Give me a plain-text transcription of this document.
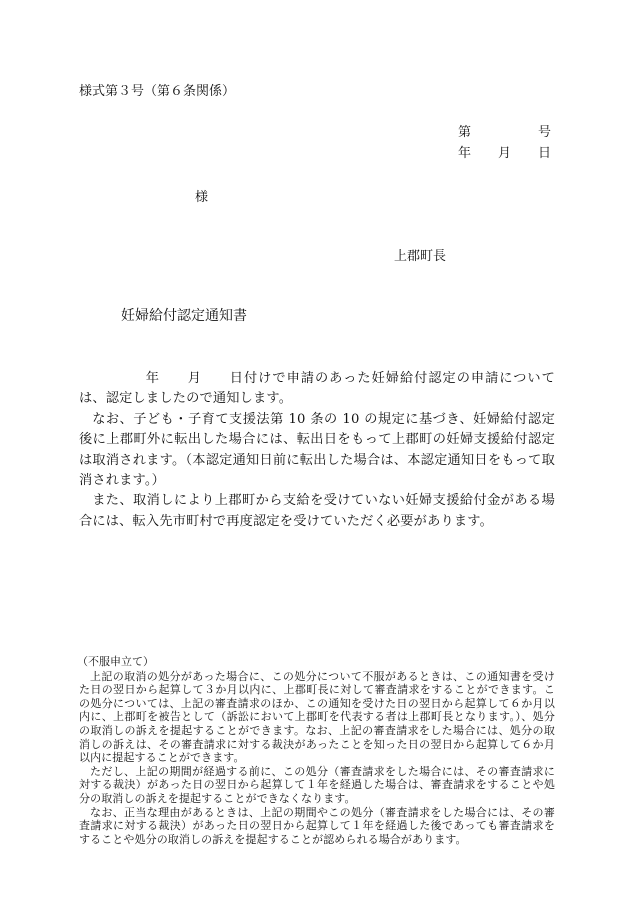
様式第３号（第６条関係）
第	号
年 月 日
様
上郡町長
妊婦給付認定通知書

年 月 日付けで申請のあった妊婦給付認定の申請については、認定しましたので通知します。

なお、子ども・子育て支援法第 10 条の 10 の規定に基づき、妊婦給付認定後に上郡町外に転出した場合には、転出日をもって上郡町の妊婦支援給付認定は取消されます。（本認定通知日前に転出した場合は、本認定通知日をもって取消されます。）

また、取消しにより上郡町から支給を受けていない妊婦支援給付金がある場合には、転入先市町村で再度認定を受けていただく必要があります。

（不服申立て）

上記の取消の処分があった場合に、この処分について不服があるときは、この通知書を受けた日の翌日から起算して３か月以内に、上郡町長に対して審査請求をすることができます。この処分については、上記の審査請求のほか、この通知を受けた日の翌日から起算して６か月以内に、上郡町を被告として（訴訟において上郡町を代表する者は上郡町長となります。）、処分の取消しの訴えを提起することができます。なお、上記の審査請求をした場合には、処分の取消しの訴えは、その審査請求に対する裁決があったことを知った日の翌日から起算して６か月以内に提起することができます。

ただし、上記の期間が経過する前に、この処分（審査請求をした場合には、その審査請求に対する裁決）があった日の翌日から起算して１年を経過した場合は、審査請求をすることや処分の取消しの訴えを提起することができなくなります。

なお、正当な理由があるときは、上記の期間やこの処分（審査請求をした場合には、その審査請求に対する裁決）があった日の翌日から起算して１年を経過した後であっても審査請求をすることや処分の取消しの訴えを提起することが認められる場合があります。
